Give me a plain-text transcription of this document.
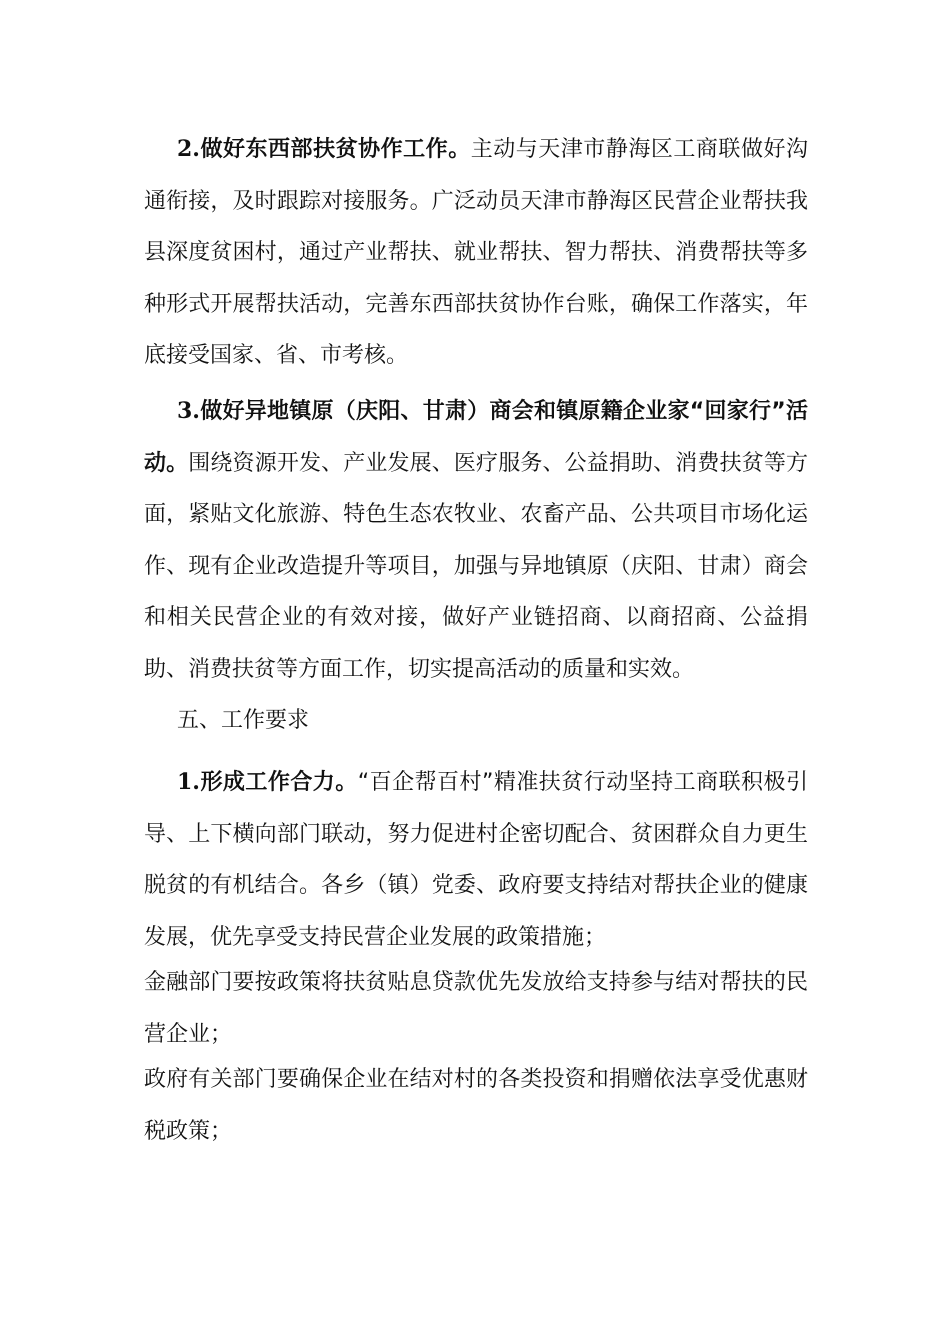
2.做好东西部扶贫协作工作。主动与天津市静海区工商联做好沟通衔接，及时跟踪对接服务。广泛动员天津市静海区民营企业帮扶我县深度贫困村，通过产业帮扶、就业帮扶、智力帮扶、消费帮扶等多种形式开展帮扶活动，完善东西部扶贫协作台账，确保工作落实，年底接受国家、省、市考核。

3.做好异地镇原（庆阳、甘肃）商会和镇原籍企业家“回家行”活动。围绕资源开发、产业发展、医疗服务、公益捐助、消费扶贫等方面，紧贴文化旅游、特色生态农牧业、农畜产品、公共项目市场化运作、现有企业改造提升等项目，加强与异地镇原（庆阳、甘肃）商会和相关民营企业的有效对接，做好产业链招商、以商招商、公益捐助、消费扶贫等方面工作，切实提高活动的质量和实效。

五、工作要求

1.形成工作合力。“百企帮百村”精准扶贫行动坚持工商联积极引导、上下横向部门联动，努力促进村企密切配合、贫困群众自力更生脱贫的有机结合。各乡（镇）党委、政府要支持结对帮扶企业的健康发展，优先享受支持民营企业发展的政策措施；

金融部门要按政策将扶贫贴息贷款优先发放给支持参与结对帮扶的民营企业；

政府有关部门要确保企业在结对村的各类投资和捐赠依法享受优惠财税政策；
